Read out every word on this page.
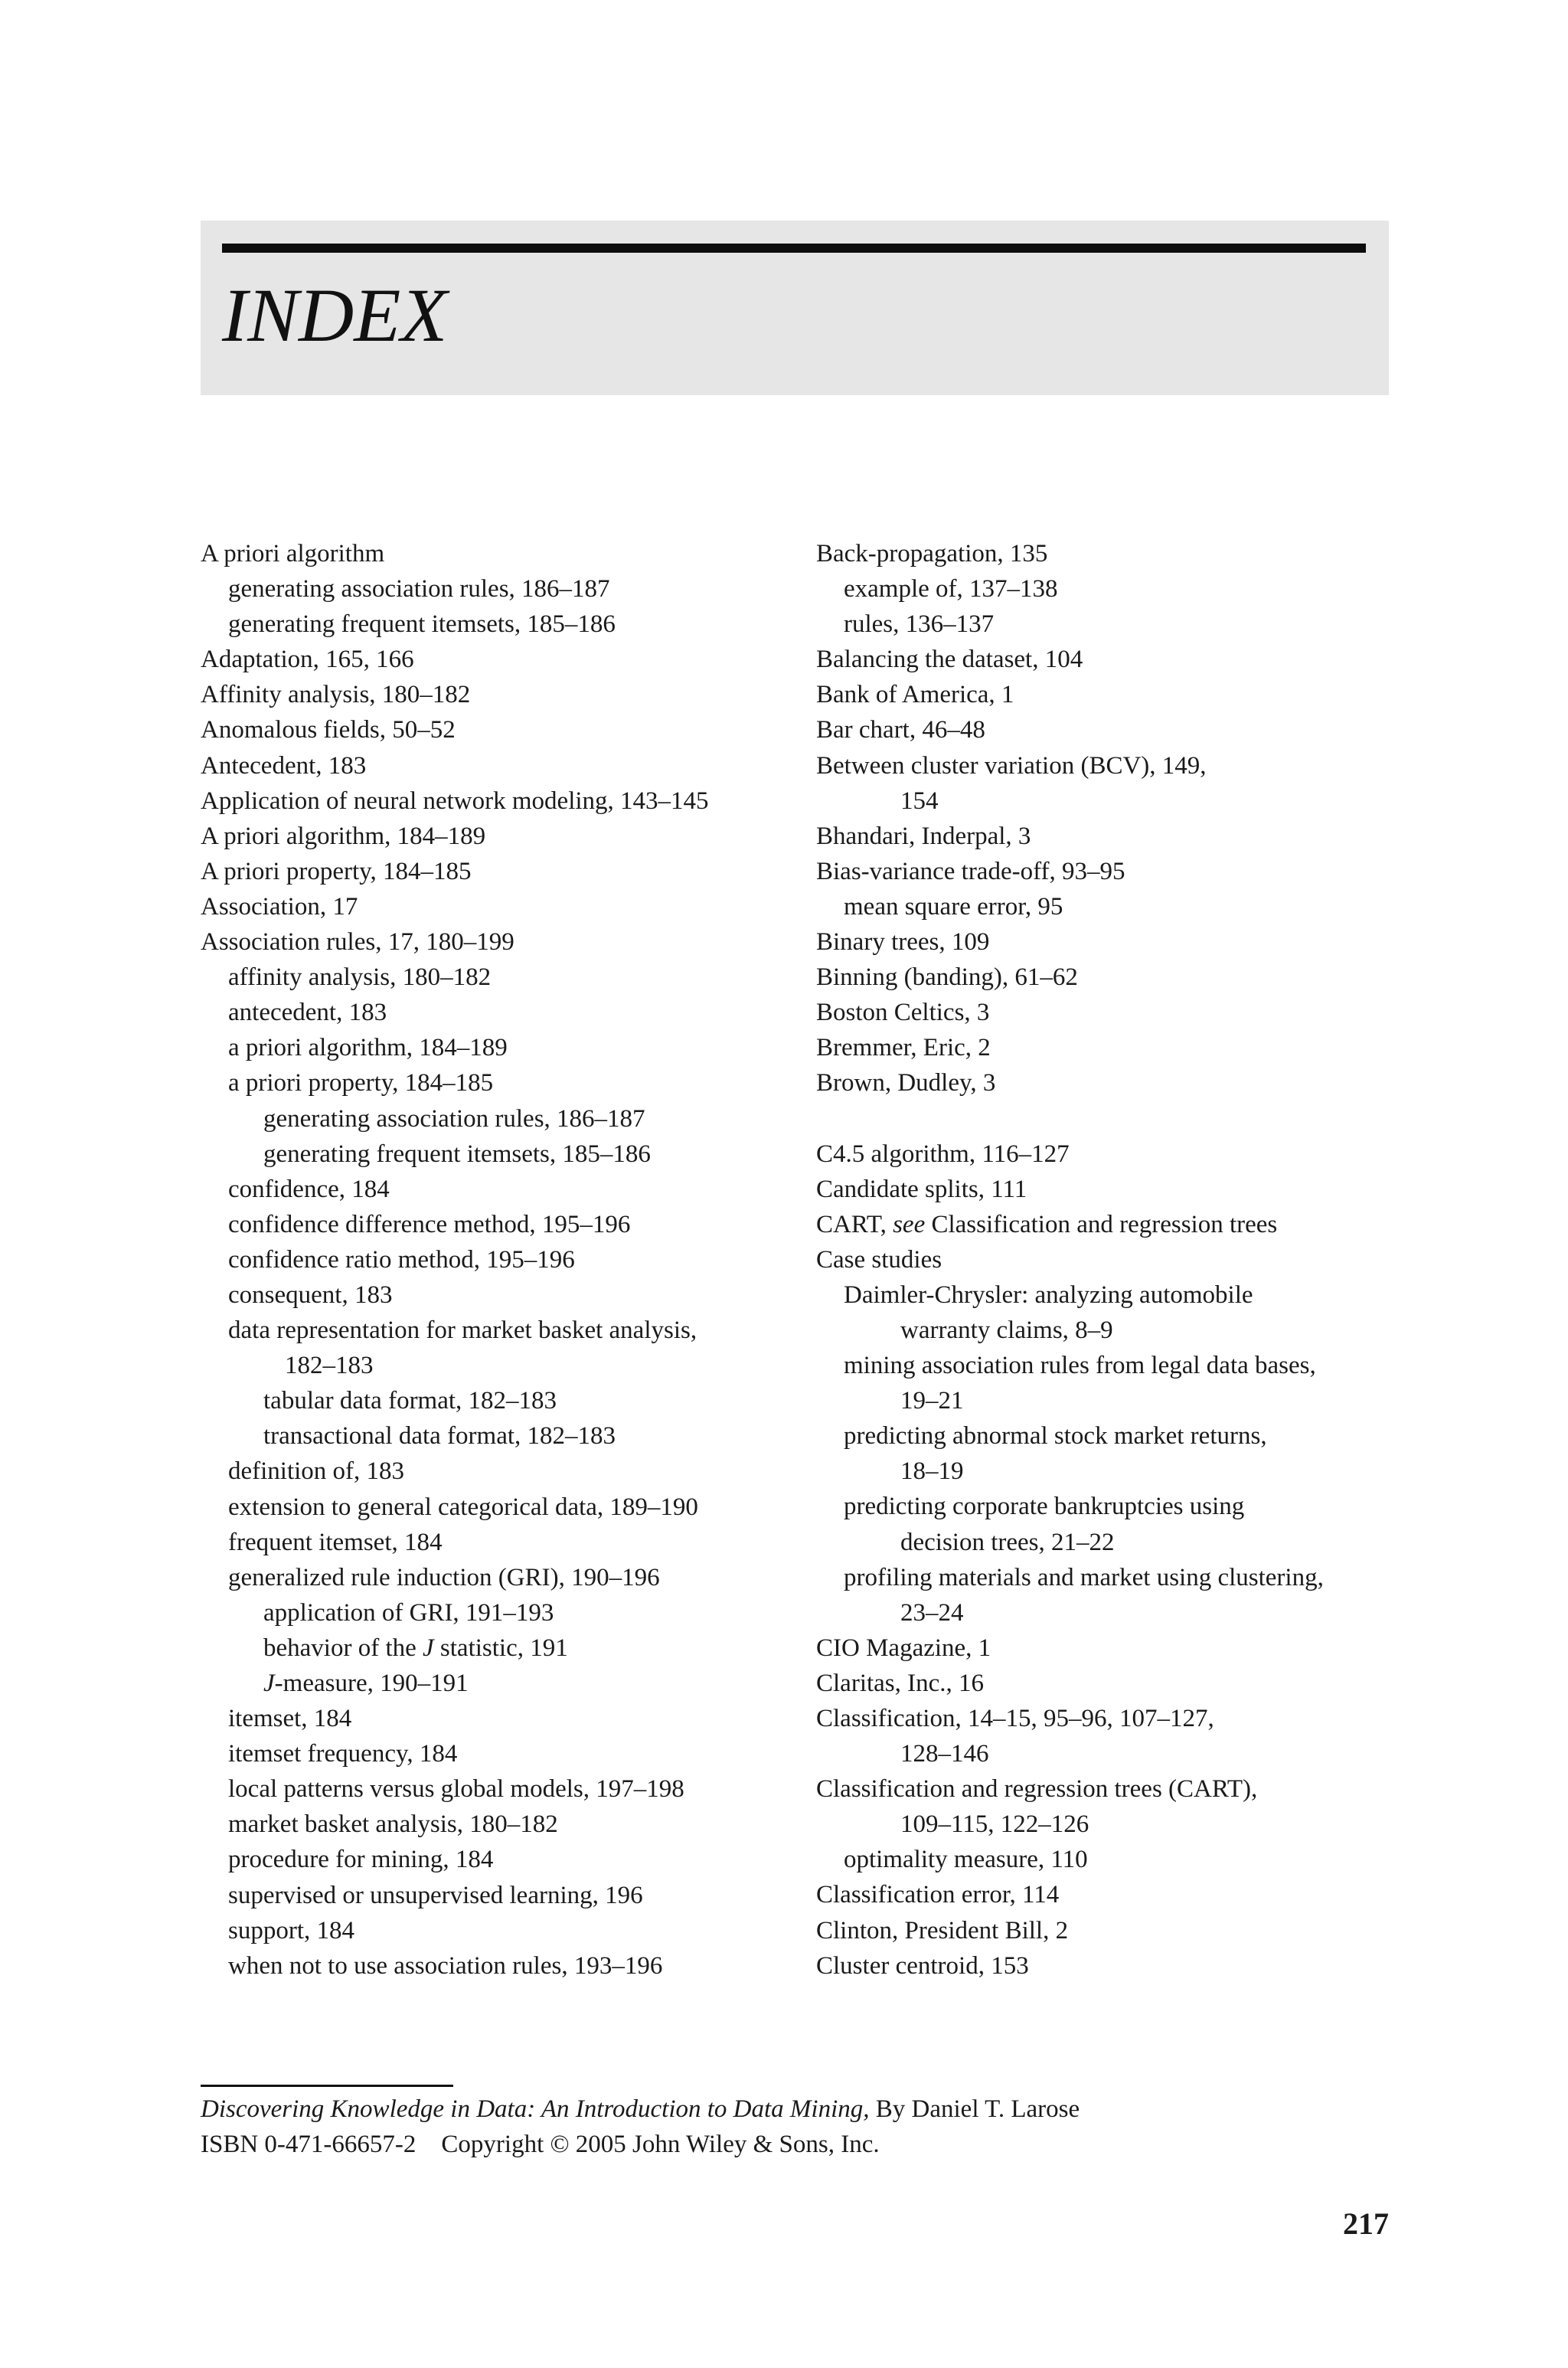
INDEX
A priori algorithm
generating association rules, 186–187
generating frequent itemsets, 185–186
Adaptation, 165, 166
Affinity analysis, 180–182
Anomalous fields, 50–52
Antecedent, 183
Application of neural network modeling, 143–145
A priori algorithm, 184–189
A priori property, 184–185
Association, 17
Association rules, 17, 180–199
affinity analysis, 180–182
antecedent, 183
a priori algorithm, 184–189
a priori property, 184–185
generating association rules, 186–187
generating frequent itemsets, 185–186
confidence, 184
confidence difference method, 195–196
confidence ratio method, 195–196
consequent, 183
data representation for market basket analysis,
182–183
tabular data format, 182–183
transactional data format, 182–183
definition of, 183
extension to general categorical data, 189–190
frequent itemset, 184
generalized rule induction (GRI), 190–196
application of GRI, 191–193
behavior of the J statistic, 191
J-measure, 190–191
itemset, 184
itemset frequency, 184
local patterns versus global models, 197–198
market basket analysis, 180–182
procedure for mining, 184
supervised or unsupervised learning, 196
support, 184
when not to use association rules, 193–196
Back-propagation, 135
example of, 137–138
rules, 136–137
Balancing the dataset, 104
Bank of America, 1
Bar chart, 46–48
Between cluster variation (BCV), 149,
154
Bhandari, Inderpal, 3
Bias-variance trade-off, 93–95
mean square error, 95
Binary trees, 109
Binning (banding), 61–62
Boston Celtics, 3
Bremmer, Eric, 2
Brown, Dudley, 3
C4.5 algorithm, 116–127
Candidate splits, 111
CART, see Classification and regression trees
Case studies
Daimler-Chrysler: analyzing automobile
warranty claims, 8–9
mining association rules from legal data bases,
19–21
predicting abnormal stock market returns,
18–19
predicting corporate bankruptcies using
decision trees, 21–22
profiling materials and market using clustering,
23–24
CIO Magazine, 1
Claritas, Inc., 16
Classification, 14–15, 95–96, 107–127,
128–146
Classification and regression trees (CART),
109–115, 122–126
optimality measure, 110
Classification error, 114
Clinton, President Bill, 2
Cluster centroid, 153
Discovering Knowledge in Data: An Introduction to Data Mining, By Daniel T. Larose
ISBN 0-471-66657-2    Copyright © 2005 John Wiley & Sons, Inc.
217
